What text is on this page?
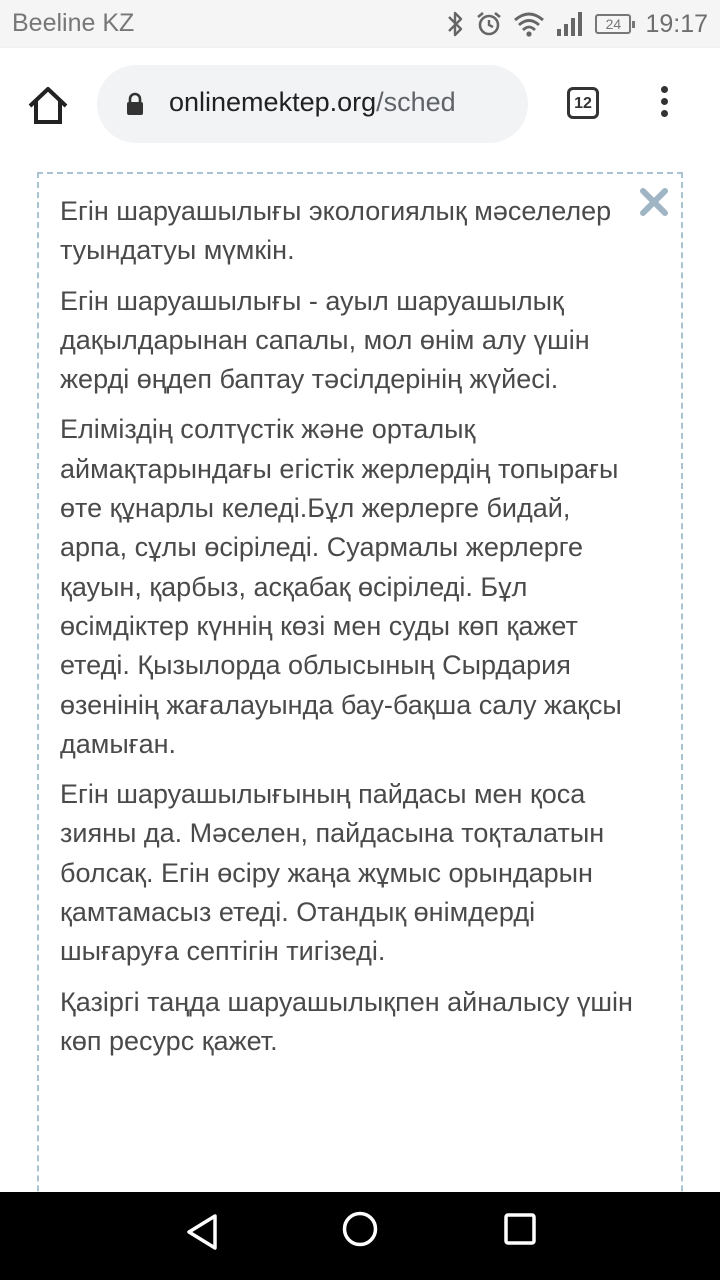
Beeline KZ	24 19:17
onlinemektep.org/sched	12

Егін шаруашылығы экологиялық мәселелер туындатуы мүмкін.

Егін шаруашылығы - ауыл шаруашылық дақылдарынан сапалы, мол өнім алу үшін жерді өңдеп баптау тәсілдерінің жүйесі.

Еліміздің солтүстік және орталық аймақтарындағы егістік жерлердің топырағы өте құнарлы келеді.Бұл жерлерге бидай, арпа, сұлы өсіріледі. Суармалы жерлерге қауын, қарбыз, асқабақ өсіріледі. Бұл өсімдіктер күннің көзі мен суды көп қажет етеді. Қызылорда облысының Сырдария өзенінің жағалауында бау-бақша салу жақсы дамыған.

Егін шаруашылығының пайдасы мен қоса зияны да. Мәселен, пайдасына тоқталатын болсақ. Егін өсіру жаңа жұмыс орындарын қамтамасыз етеді. Отандық өнімдерді шығаруға септігін тигізеді.

Қазіргі таңда шаруашылықпен айналысу үшін көп ресурс қажет.
